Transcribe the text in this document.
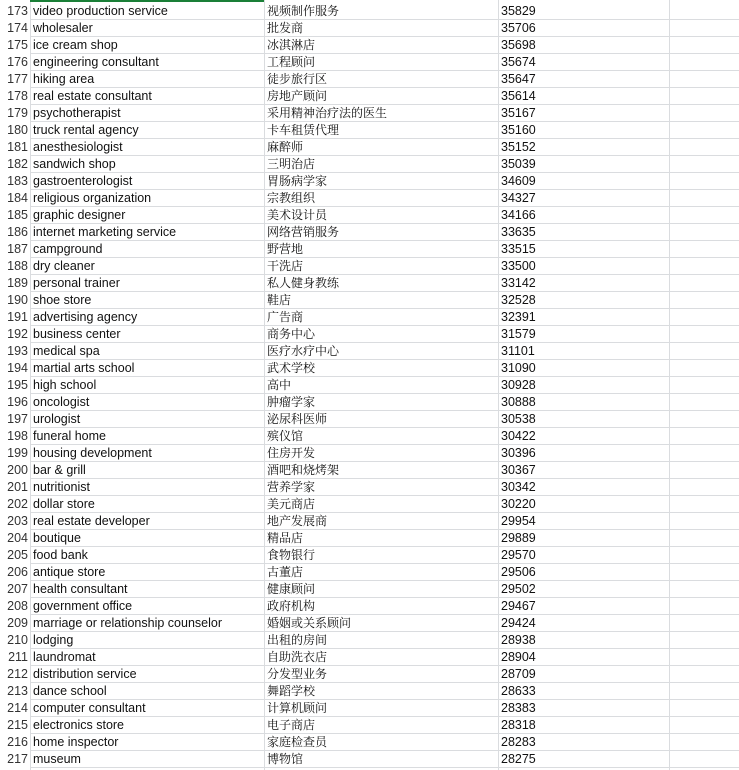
173 video production service	视频制作服务	35829
174 wholesaler	批发商	35706
175 ice cream shop	冰淇淋店	35698
176 engineering consultant	工程顾问	35674
177 hiking area	徒步旅行区	35647
178 real estate consultant	房地产顾问	35614
179 psychotherapist	采用精神治疗法的医生	35167
180 truck rental agency	卡车租赁代理	35160
181 anesthesiologist	麻醉师	35152
182 sandwich shop	三明治店	35039
183 gastroenterologist	胃肠病学家	34609
184 religious organization	宗教组织	34327
185 graphic designer	美术设计员	34166
186 internet marketing service	网络营销服务	33635
187 campground	野营地	33515
188 dry cleaner	干洗店	33500
189 personal trainer	私人健身教练	33142
190 shoe store	鞋店	32528
191 advertising agency	广告商	32391
192 business center	商务中心	31579
193 medical spa	医疗水疗中心	31101
194 martial arts school	武术学校	31090
195 high school	高中	30928
196 oncologist	肿瘤学家	30888
197 urologist	泌尿科医师	30538
198 funeral home	殡仪馆	30422
199 housing development	住房开发	30396
200 bar & grill	酒吧和烧烤架	30367
201 nutritionist	营养学家	30342
202 dollar store	美元商店	30220
203 real estate developer	地产发展商	29954
204 boutique	精品店	29889
205 food bank	食物银行	29570
206 antique store	古董店	29506
207 health consultant	健康顾问	29502
208 government office	政府机构	29467
209 marriage or relationship counselor	婚姻或关系顾问	29424
210 lodging	出租的房间	28938
211 laundromat	自助洗衣店	28904
212 distribution service	分发型业务	28709
213 dance school	舞蹈学校	28633
214 computer consultant	计算机顾问	28383
215 electronics store	电子商店	28318
216 home inspector	家庭检查员	28283
217 museum	博物馆	28275
